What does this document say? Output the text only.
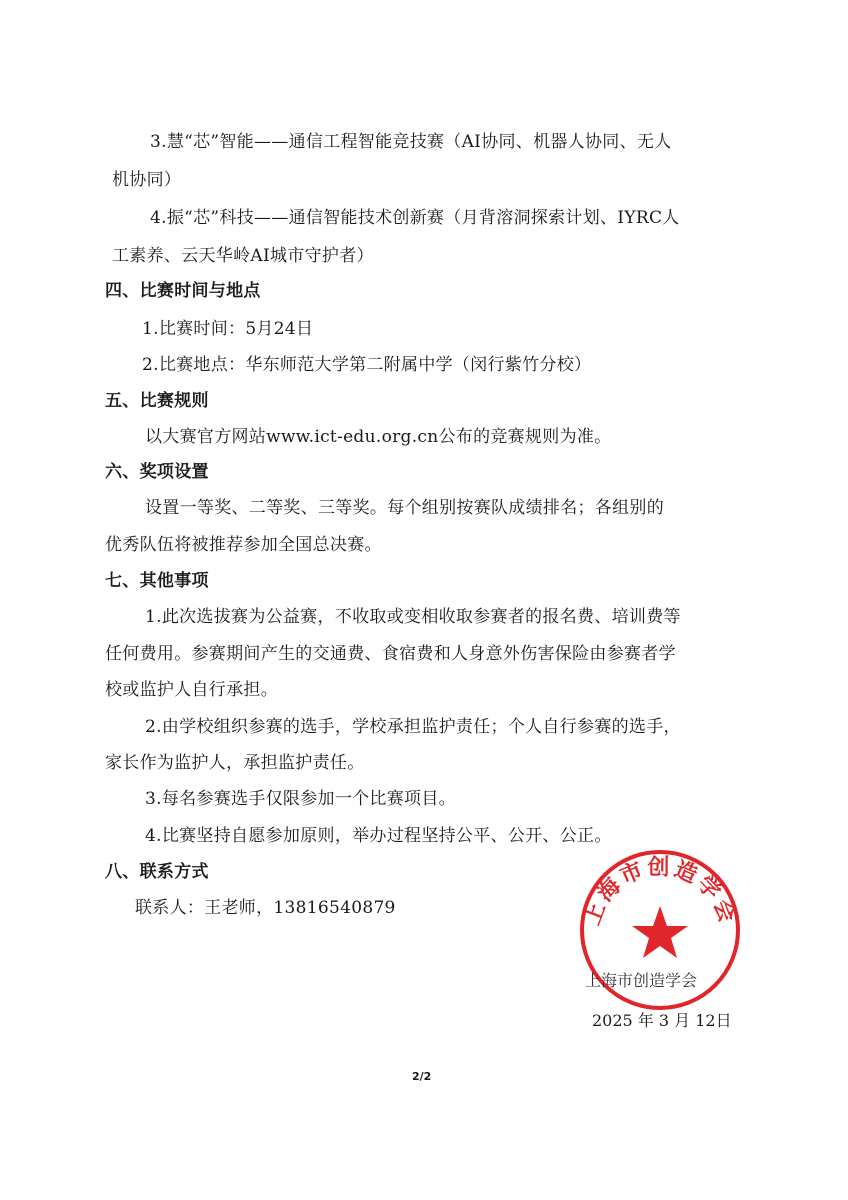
3.慧“芯”智能——通信工程智能竞技赛（AI协同、机器人协同、无人
机协同）
4.振“芯”科技——通信智能技术创新赛（月背溶洞探索计划、IYRC人
工素养、云天华岭AI城市守护者）
四、比赛时间与地点
1.比赛时间：5月24日
2.比赛地点：华东师范大学第二附属中学（闵行紫竹分校）
五、比赛规则
以大赛官方网站www.ict-edu.org.cn公布的竞赛规则为准。
六、奖项设置
设置一等奖、二等奖、三等奖。每个组别按赛队成绩排名；各组别的
优秀队伍将被推荐参加全国总决赛。
七、其他事项
1.此次选拔赛为公益赛，不收取或变相收取参赛者的报名费、培训费等
任何费用。参赛期间产生的交通费、食宿费和人身意外伤害保险由参赛者学
校或监护人自行承担。
2.由学校组织参赛的选手，学校承担监护责任；个人自行参赛的选手，
家长作为监护人，承担监护责任。
3.每名参赛选手仅限参加一个比赛项目。
4.比赛坚持自愿参加原则，举办过程坚持公平、公开、公正。
八、联系方式
联系人：王老师，13816540879	上海市创造学会
上海市创造学会
2025 年 3 月 12日
2/2
